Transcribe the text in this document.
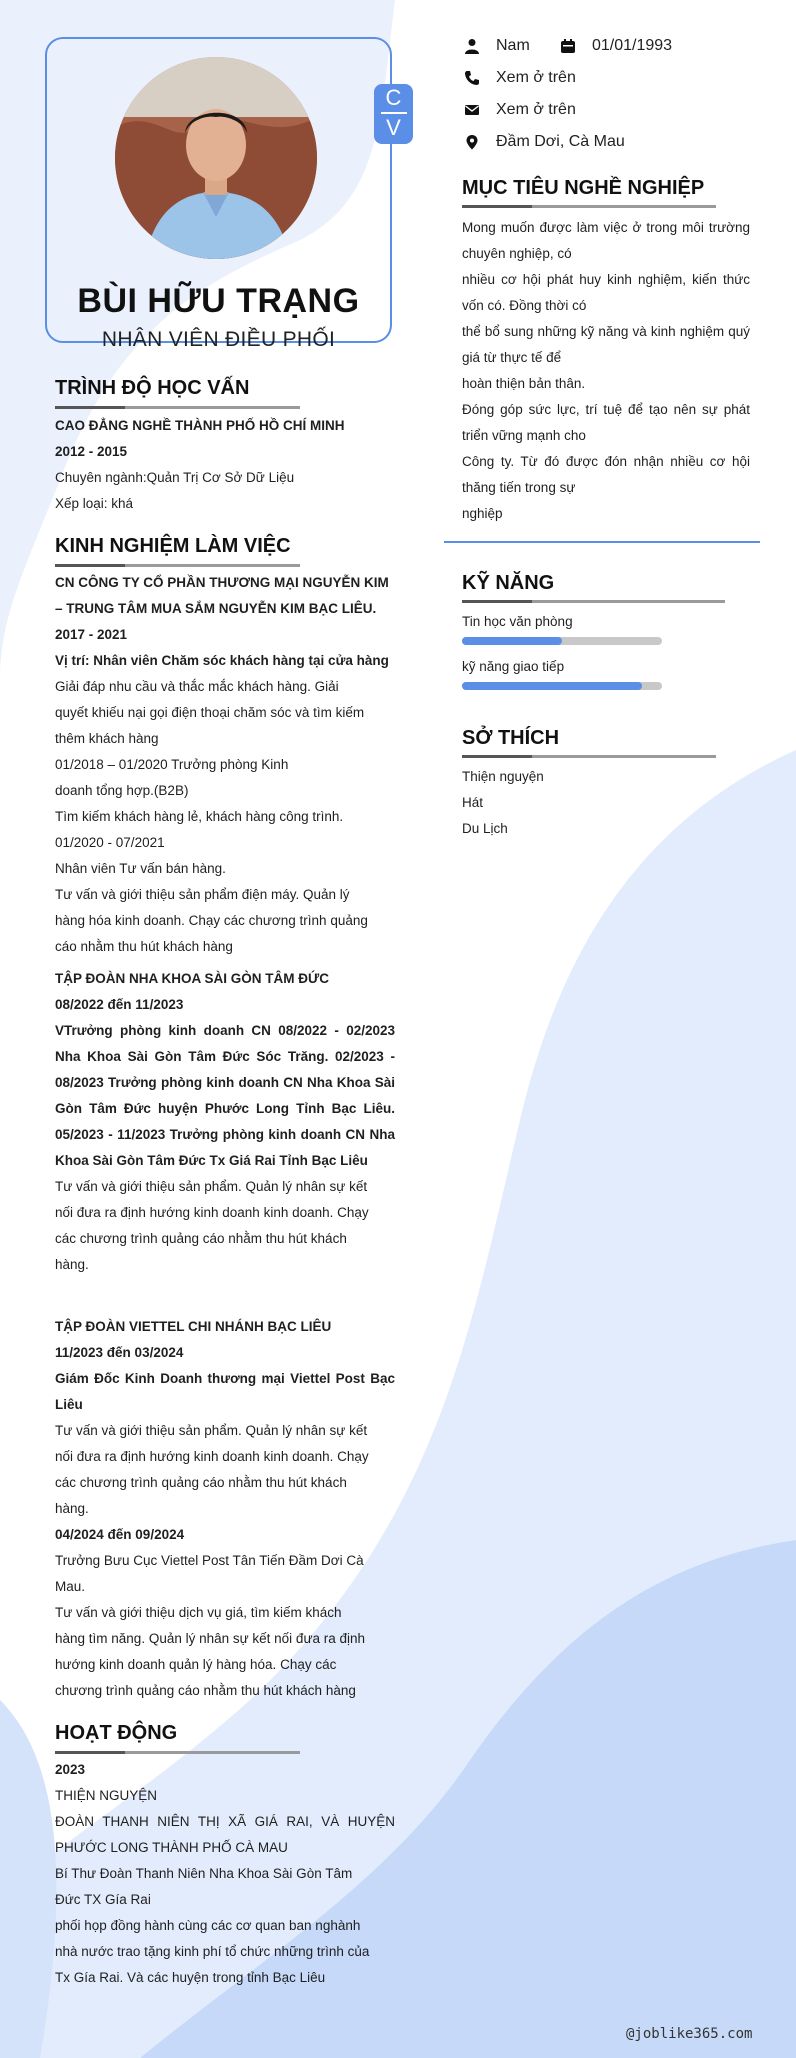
BÙI HỮU TRẠNG
NHÂN VIÊN ĐIỀU PHỐI
C
V
Nam	01/01/1993
Xem ở trên
Xem ở trên
Đầm Dơi, Cà Mau
MỤC TIÊU NGHỀ NGHIỆP

Mong muốn được làm việc ở trong môi trường chuyên nghiệp, có

nhiều cơ hội phát huy kinh nghiệm, kiến thức vốn có. Đồng thời có

thể bổ sung những kỹ năng và kinh nghiệm quý giá từ thực tế để

hoàn thiện bản thân.

Đóng góp sức lực, trí tuệ để tạo nên sự phát triển vững mạnh cho

Công ty. Từ đó được đón nhận nhiều cơ hội thăng tiến trong sự

nghiệp

KỸ NĂNG
Tin học văn phòng
kỹ năng giao tiếp
SỞ THÍCH

Thiện nguyện

Hát

Du Lịch

TRÌNH ĐỘ HỌC VẤN

CAO ĐẲNG NGHỀ THÀNH PHỐ HỒ CHÍ MINH

2012 - 2015

Chuyên ngành:Quản Trị Cơ Sở Dữ Liệu

Xếp loại: khá

KINH NGHIỆM LÀM VIỆC

CN CÔNG TY CỔ PHẦN THƯƠNG MẠI NGUYỄN KIM – TRUNG TÂM MUA SẮM NGUYỄN KIM BẠC LIÊU.

2017 - 2021

Vị trí: Nhân viên Chăm sóc khách hàng tại cửa hàng

Giải đáp nhu cầu và thắc mắc khách hàng. Giải

quyết khiếu nại gọi điện thoại chăm sóc và tìm kiếm

thêm khách hàng

01/2018 – 01/2020 Trưởng phòng Kinh

doanh tổng hợp.(B2B)

Tìm kiếm khách hàng lẻ, khách hàng công trình.

01/2020 - 07/2021

Nhân viên Tư vấn bán hàng.

Tư vấn và giới thiệu sản phẩm điện máy. Quản lý

hàng hóa kinh doanh. Chạy các chương trình quảng

cáo nhằm thu hút khách hàng

TẬP ĐOÀN NHA KHOA SÀI GÒN TÂM ĐỨC

08/2022 đến 11/2023

VTrưởng phòng kinh doanh CN 08/2022 - 02/2023 Nha Khoa Sài Gòn Tâm Đức Sóc Trăng. 02/2023 - 08/2023 Trưởng phòng kinh doanh CN Nha Khoa Sài Gòn Tâm Đức huyện Phước Long Tỉnh Bạc Liêu. 05/2023 - 11/2023 Trưởng phòng kinh doanh CN Nha Khoa Sài Gòn Tâm Đức Tx Giá Rai Tỉnh Bạc Liêu

Tư vấn và giới thiệu sản phẩm. Quản lý nhân sự kết

nối đưa ra định hướng kinh doanh kinh doanh. Chạy

các chương trình quảng cáo nhằm thu hút khách

hàng.

TẬP ĐOÀN VIETTEL CHI NHÁNH BẠC LIÊU

11/2023 đến 03/2024

Giám Đốc Kinh Doanh thương mại Viettel Post Bạc Liêu

Tư vấn và giới thiệu sản phẩm. Quản lý nhân sự kết

nối đưa ra định hướng kinh doanh kinh doanh. Chạy

các chương trình quảng cáo nhằm thu hút khách

hàng.

04/2024 đến 09/2024

Trưởng Bưu Cục Viettel Post Tân Tiến Đầm Dơi Cà

Mau.

Tư vấn và giới thiệu dịch vụ giá, tìm kiếm khách

hàng tìm năng. Quản lý nhân sự kết nối đưa ra định

hướng kinh doanh quản lý hàng hóa. Chạy các

chương trình quảng cáo nhằm thu hút khách hàng

HOẠT ĐỘNG

2023

THIỆN NGUYỆN

ĐOÀN THANH NIÊN THỊ XÃ GIÁ RAI, VÀ HUYỆN PHƯỚC LONG THÀNH PHỐ CÀ MAU

Bí Thư Đoàn Thanh Niên Nha Khoa Sài Gòn Tâm

Đức TX Gía Rai

phối họp đồng hành cùng các cơ quan ban nghành

nhà nước trao tặng kinh phí tổ chức những trình của

Tx Gía Rai. Và các huyện trong tỉnh Bạc Liêu

@joblike365.com
